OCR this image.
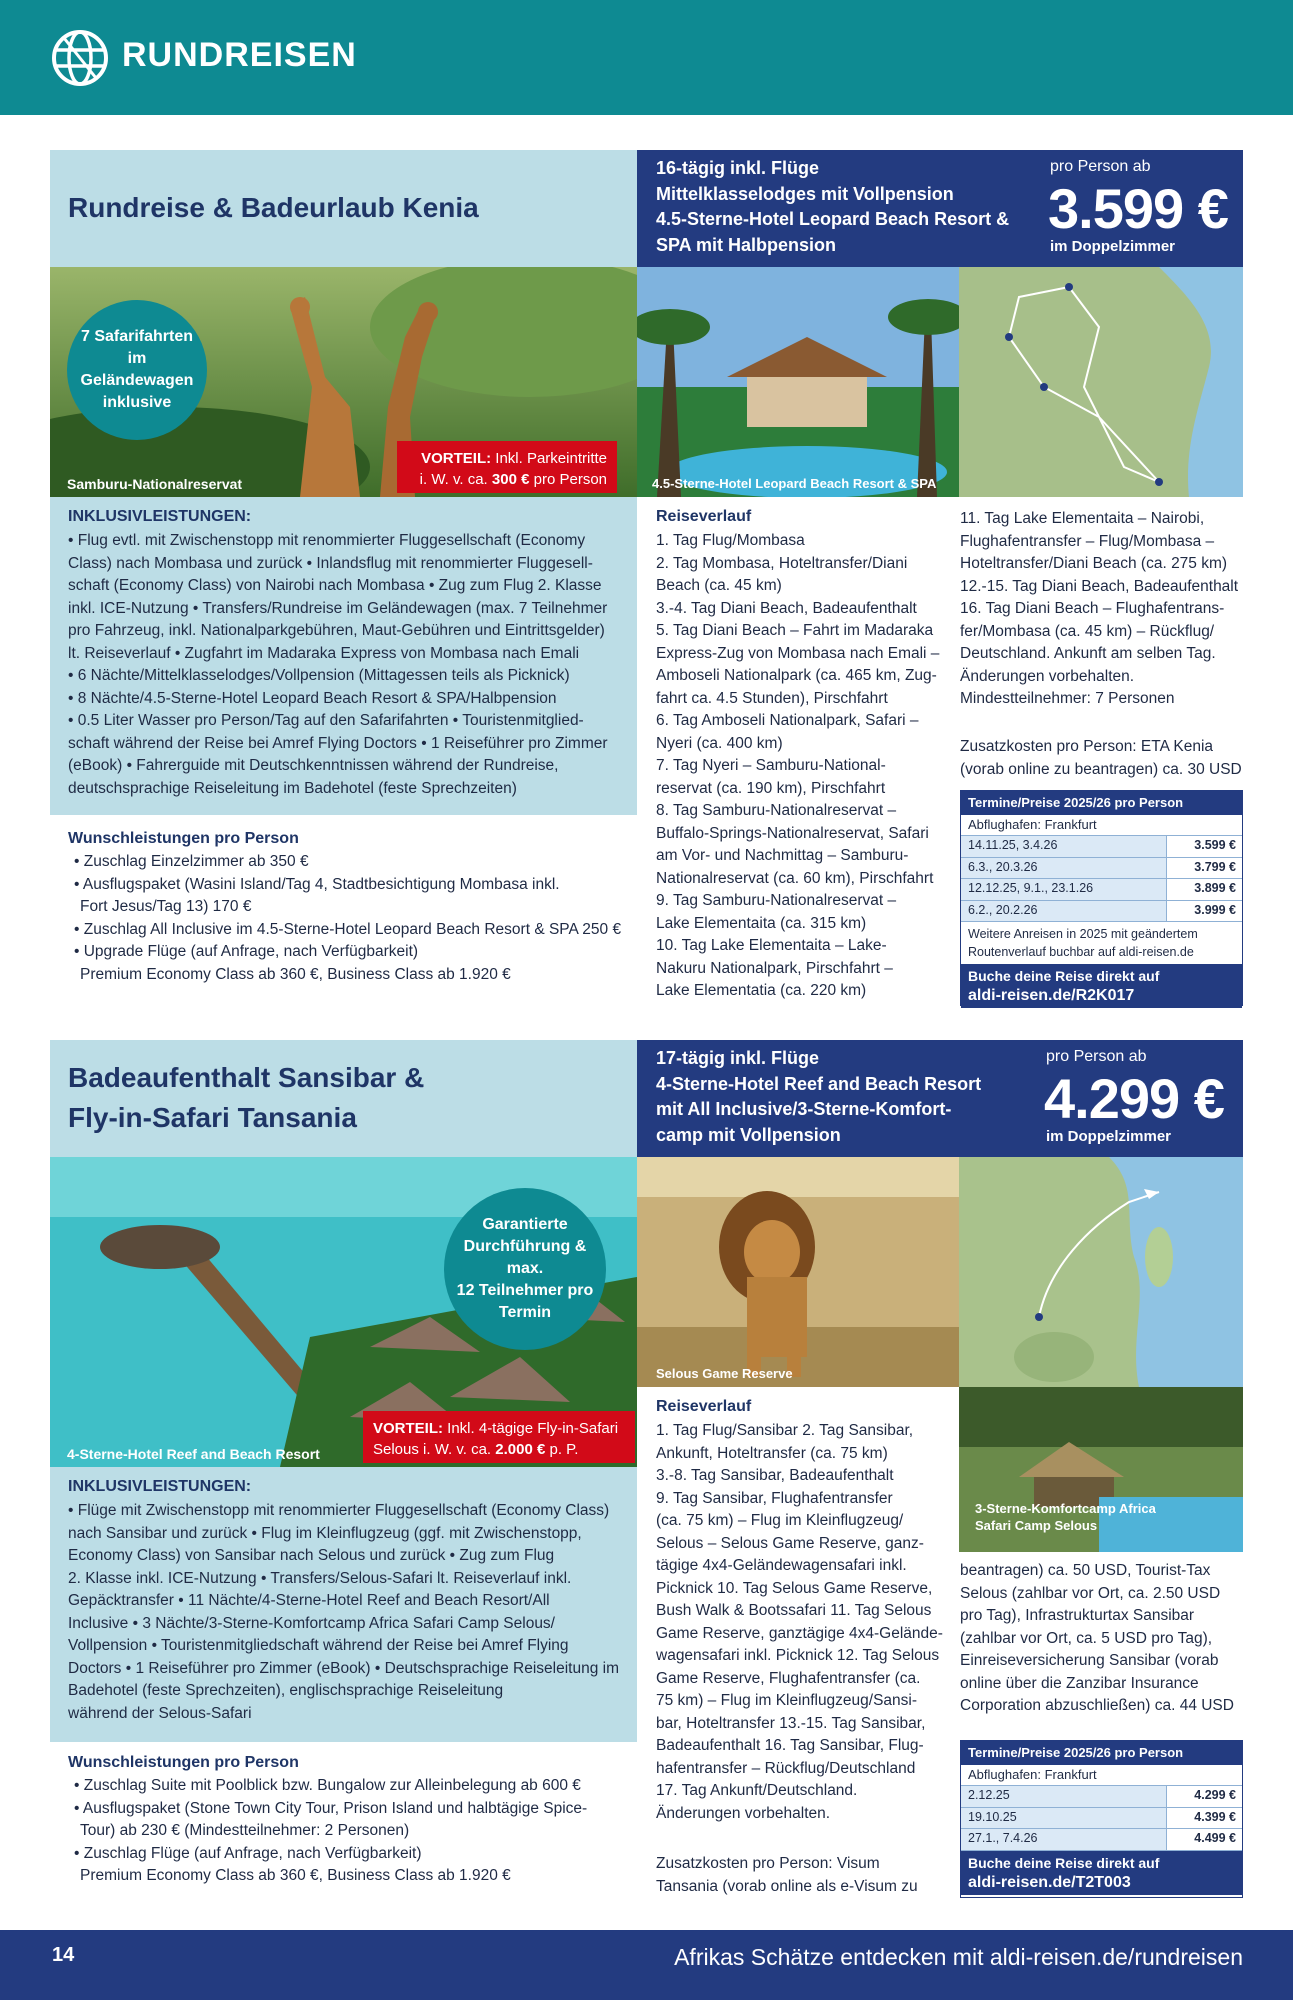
RUNDREISEN
Rundreise & Badeurlaub Kenia
16-tägig inkl. Flüge
Mittelklasselodges mit Vollpension
4.5-Sterne-Hotel Leopard Beach Resort &
SPA mit Halbpension
pro Person ab
3.599 €
im Doppelzimmer
7 Safarifahrten im
Geländewagen
inklusive
Samburu-Nationalreservat
VORTEIL: Inkl. Parkeintritte
i. W. v. ca. 300 € pro Person	4.5-Sterne-Hotel Leopard Beach Resort & SPA
INKLUSIVLEISTUNGEN:
• Flug evtl. mit Zwischenstopp mit renommierter Fluggesellschaft (Economy
Class) nach Mombasa und zurück • Inlandsflug mit renommierter Fluggesell-
schaft (Economy Class) von Nairobi nach Mombasa • Zug zum Flug 2. Klasse
inkl. ICE-Nutzung • Transfers/Rundreise im Geländewagen (max. 7 Teilnehmer
pro Fahrzeug, inkl. Nationalparkgebühren, Maut-Gebühren und Eintrittsgelder)
lt. Reiseverlauf • Zugfahrt im Madaraka Express von Mombasa nach Emali
• 6 Nächte/Mittelklasselodges/Vollpension (Mittagessen teils als Picknick)
• 8 Nächte/4.5-Sterne-Hotel Leopard Beach Resort & SPA/Halbpension
• 0.5 Liter Wasser pro Person/Tag auf den Safarifahrten • Touristenmitglied-
schaft während der Reise bei Amref Flying Doctors • 1 Reiseführer pro Zimmer
(eBook) • Fahrerguide mit Deutschkenntnissen während der Rundreise,
deutschsprachige Reiseleitung im Badehotel (feste Sprechzeiten)
Wunschleistungen pro Person
• Zuschlag Einzelzimmer ab 350 €
• Ausflugspaket (Wasini Island/Tag 4, Stadtbesichtigung Mombasa inkl.
Fort Jesus/Tag 13) 170 €
• Zuschlag All Inclusive im 4.5-Sterne-Hotel Leopard Beach Resort & SPA 250 €
• Upgrade Flüge (auf Anfrage, nach Verfügbarkeit)
Premium Economy Class ab 360 €, Business Class ab 1.920 €
Reiseverlauf
1. Tag Flug/Mombasa
2. Tag Mombasa, Hoteltransfer/Diani
Beach (ca. 45 km)
3.-4. Tag Diani Beach, Badeaufenthalt
5. Tag Diani Beach – Fahrt im Madaraka
Express-Zug von Mombasa nach Emali –
Amboseli Nationalpark (ca. 465 km, Zug-
fahrt ca. 4.5 Stunden), Pirschfahrt
6. Tag Amboseli Nationalpark, Safari –
Nyeri (ca. 400 km)
7. Tag Nyeri – Samburu-National-
reservat (ca. 190 km), Pirschfahrt
8. Tag Samburu-Nationalreservat –
Buffalo-Springs-Nationalreservat, Safari
am Vor- und Nachmittag – Samburu-
Nationalreservat (ca. 60 km), Pirschfahrt
9. Tag Samburu-Nationalreservat –
Lake Elementaita (ca. 315 km)
10. Tag Lake Elementaita – Lake-
Nakuru Nationalpark, Pirschfahrt –
Lake Elementatia (ca. 220 km)
11. Tag Lake Elementaita – Nairobi,
Flughafentransfer – Flug/Mombasa –
Hoteltransfer/Diani Beach (ca. 275 km)
12.-15. Tag Diani Beach, Badeaufenthalt
16. Tag Diani Beach – Flughafentrans-
fer/Mombasa (ca. 45 km) – Rückflug/
Deutschland. Ankunft am selben Tag.
Änderungen vorbehalten.
Mindestteilnehmer: 7 Personen
Zusatzkosten pro Person: ETA Kenia
(vorab online zu beantragen) ca. 30 USD
Termine/Preise 2025/26 pro Person
Abflughafen: Frankfurt
14.11.25, 3.4.26	3.599 €
6.3., 20.3.26	3.799 €
12.12.25, 9.1., 23.1.26	3.899 €
6.2., 20.2.26	3.999 €
Weitere Anreisen in 2025 mit geändertem
Routenverlauf buchbar auf aldi-reisen.de
Buche deine Reise direkt auf
aldi-reisen.de/R2K017
Badeaufenthalt Sansibar &
Fly-in-Safari Tansania
17-tägig inkl. Flüge
4-Sterne-Hotel Reef and Beach Resort
mit All Inclusive/3-Sterne-Komfort-
camp mit Vollpension
pro Person ab
4.299 €
im Doppelzimmer
Garantierte
Durchführung & max.
12 Teilnehmer pro
Termin
4-Sterne-Hotel Reef and Beach Resort
VORTEIL: Inkl. 4-tägige Fly-in-Safari
Selous i. W. v. ca. 2.000 € p. P.
Selous Game Reserve
3-Sterne-Komfortcamp Africa
Safari Camp Selous
INKLUSIVLEISTUNGEN:
• Flüge mit Zwischenstopp mit renommierter Fluggesellschaft (Economy Class)
nach Sansibar und zurück • Flug im Kleinflugzeug (ggf. mit Zwischenstopp,
Economy Class) von Sansibar nach Selous und zurück • Zug zum Flug
2. Klasse inkl. ICE-Nutzung • Transfers/Selous-Safari lt. Reiseverlauf inkl.
Gepäcktransfer • 11 Nächte/4-Sterne-Hotel Reef and Beach Resort/All
Inclusive • 3 Nächte/3-Sterne-Komfortcamp Africa Safari Camp Selous/
Vollpension • Touristenmitgliedschaft während der Reise bei Amref Flying
Doctors • 1 Reiseführer pro Zimmer (eBook) • Deutschsprachige Reiseleitung im
Badehotel (feste Sprechzeiten), englischsprachige Reiseleitung
während der Selous-Safari
Wunschleistungen pro Person
• Zuschlag Suite mit Poolblick bzw. Bungalow zur Alleinbelegung ab 600 €
• Ausflugspaket (Stone Town City Tour, Prison Island und halbtägige Spice-
Tour) ab 230 € (Mindestteilnehmer: 2 Personen)
• Zuschlag Flüge (auf Anfrage, nach Verfügbarkeit)
Premium Economy Class ab 360 €, Business Class ab 1.920 €
Reiseverlauf
1. Tag Flug/Sansibar 2. Tag Sansibar,
Ankunft, Hoteltransfer (ca. 75 km)
3.-8. Tag Sansibar, Badeaufenthalt
9. Tag Sansibar, Flughafentransfer
(ca. 75 km) – Flug im Kleinflugzeug/
Selous – Selous Game Reserve, ganz-
tägige 4x4-Geländewagensafari inkl.
Picknick 10. Tag Selous Game Reserve,
Bush Walk & Bootssafari 11. Tag Selous
Game Reserve, ganztägige 4x4-Gelände-
wagensafari inkl. Picknick 12. Tag Selous
Game Reserve, Flughafentransfer (ca.
75 km) – Flug im Kleinflugzeug/Sansi-
bar, Hoteltransfer 13.-15. Tag Sansibar,
Badeaufenthalt 16. Tag Sansibar, Flug-
hafentransfer – Rückflug/Deutschland
17. Tag Ankunft/Deutschland.
Änderungen vorbehalten.
Zusatzkosten pro Person: Visum
Tansania (vorab online als e-Visum zu
beantragen) ca. 50 USD, Tourist-Tax
Selous (zahlbar vor Ort, ca. 2.50 USD
pro Tag), Infrastrukturtax Sansibar
(zahlbar vor Ort, ca. 5 USD pro Tag),
Einreiseversicherung Sansibar (vorab
online über die Zanzibar Insurance
Corporation abzuschließen) ca. 44 USD
Termine/Preise 2025/26 pro Person
Abflughafen: Frankfurt
2.12.25	4.299 €
19.10.25	4.399 €
27.1., 7.4.26	4.499 €
Buche deine Reise direkt auf
aldi-reisen.de/T2T003
14	Afrikas Schätze entdecken mit aldi-reisen.de/rundreisen
